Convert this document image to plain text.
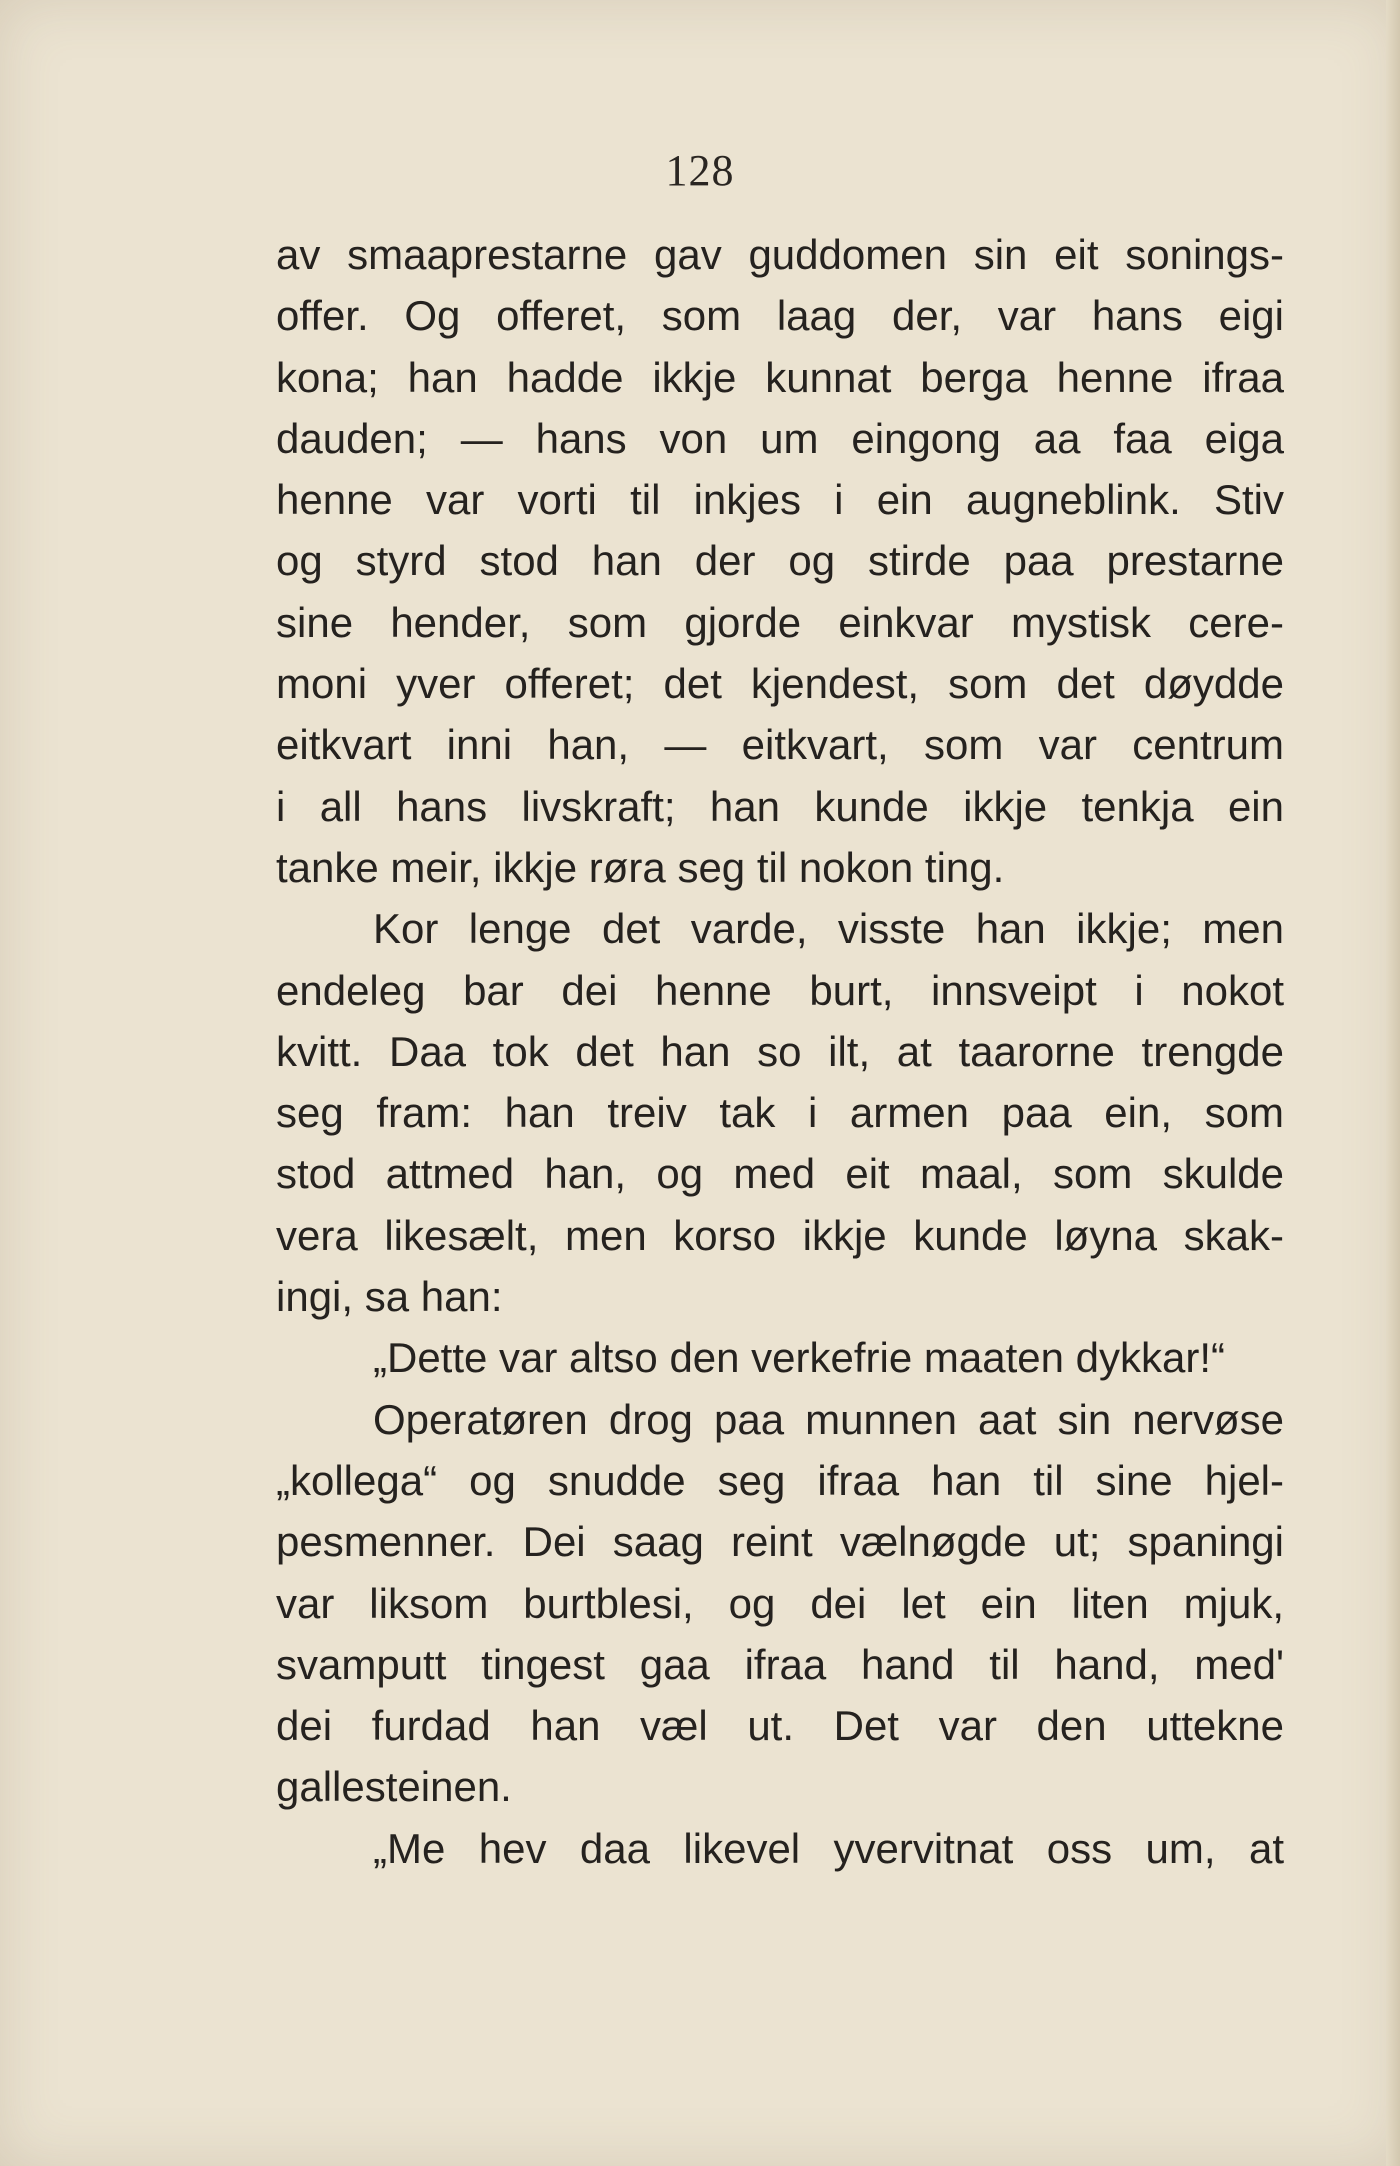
128
av smaaprestarne gav guddomen sin eit sonings-
offer. Og offeret, som laag der, var hans eigi
kona; han hadde ikkje kunnat berga henne ifraa
dauden; — hans von um eingong aa faa eiga
henne var vorti til inkjes i ein augneblink. Stiv
og styrd stod han der og stirde paa prestarne
sine hender, som gjorde einkvar mystisk cere-
moni yver offeret; det kjendest, som det døydde
eitkvart inni han, — eitkvart, som var centrum
i all hans livskraft; han kunde ikkje tenkja ein
tanke meir, ikkje røra seg til nokon ting.
Kor lenge det varde, visste han ikkje; men
endeleg bar dei henne burt, innsveipt i nokot
kvitt. Daa tok det han so ilt, at taarorne trengde
seg fram: han treiv tak i armen paa ein, som
stod attmed han, og med eit maal, som skulde
vera likesælt, men korso ikkje kunde løyna skak-
ingi, sa han:
„Dette var altso den verkefrie maaten dykkar!“
Operatøren drog paa munnen aat sin nervøse
„kollega“ og snudde seg ifraa han til sine hjel-
pesmenner. Dei saag reint vælnøgde ut; spaningi
var liksom burtblesi, og dei let ein liten mjuk,
svamputt tingest gaa ifraa hand til hand, med'
dei furdad han væl ut. Det var den uttekne
gallesteinen.
„Me hev daa likevel yvervitnat oss um, at
